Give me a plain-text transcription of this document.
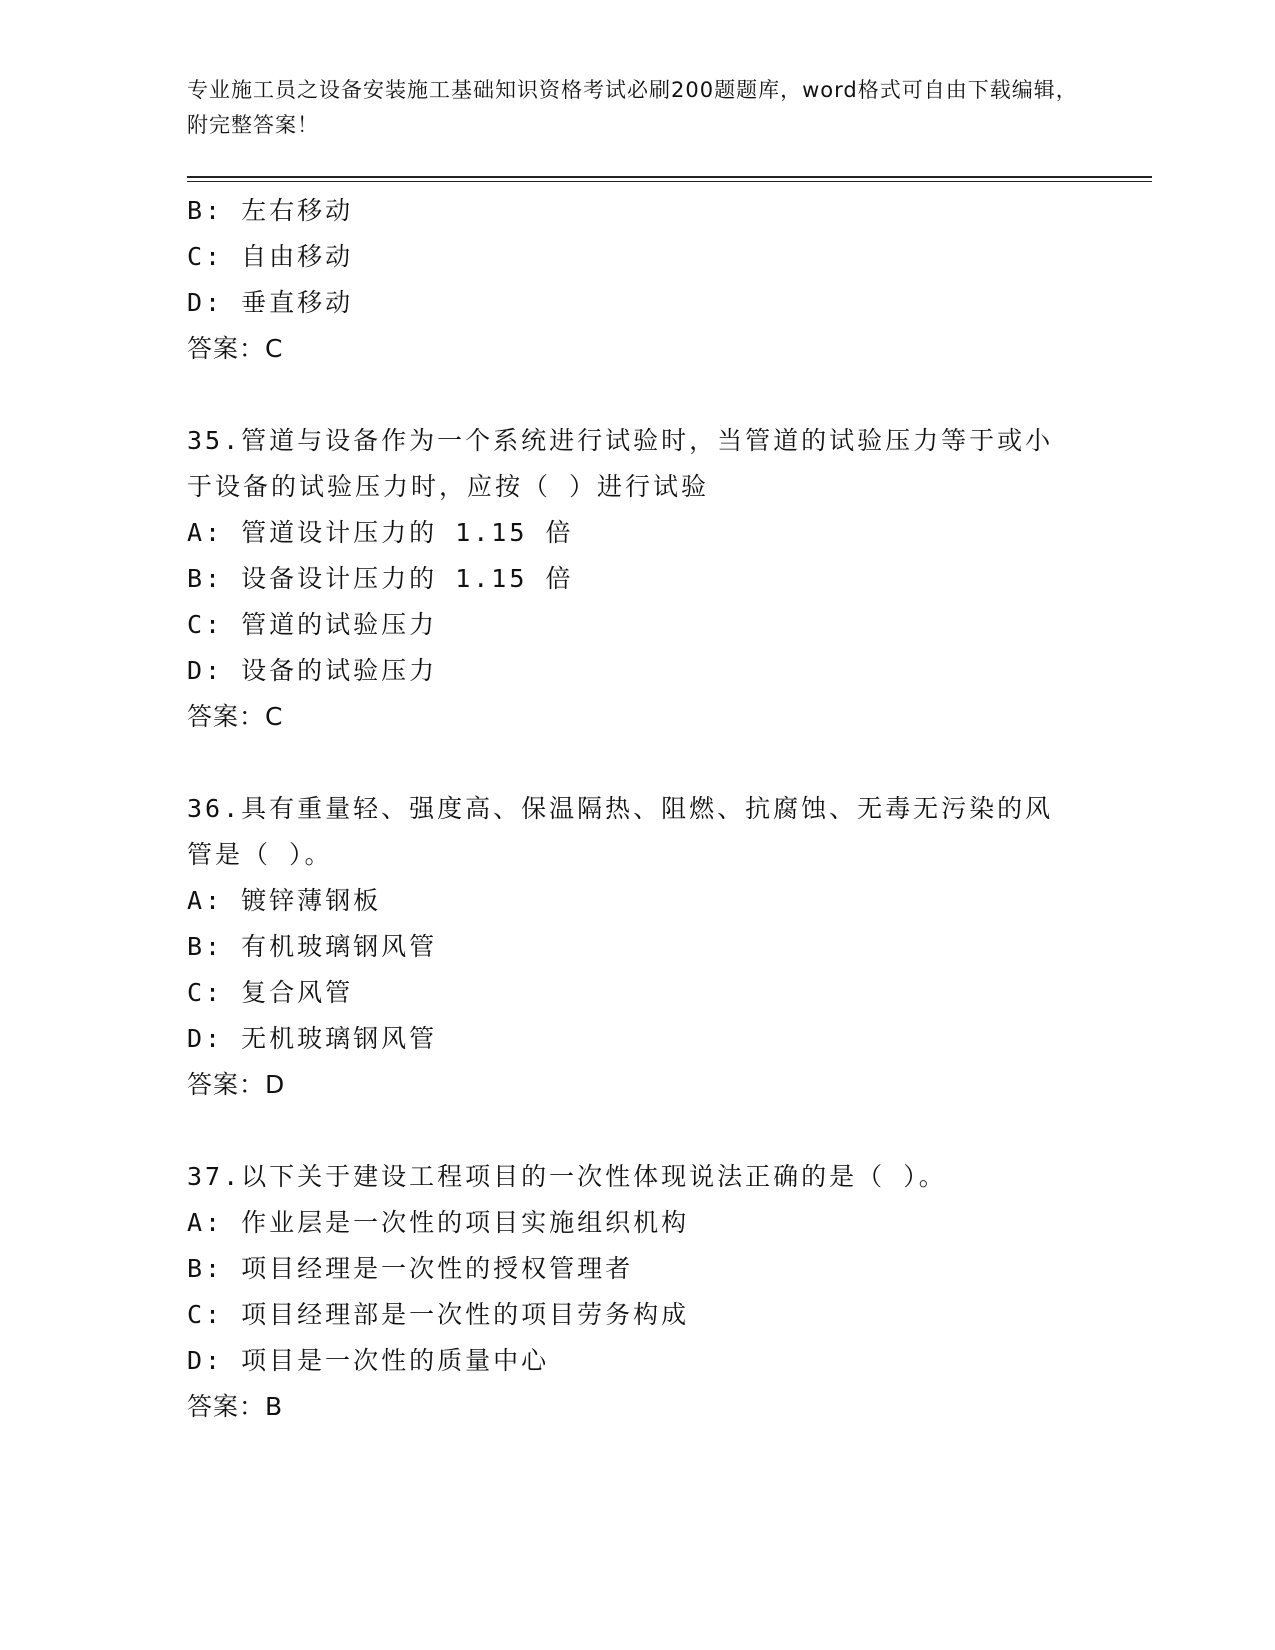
专业施工员之设备安装施工基础知识资格考试必刷200题题库，word格式可自由下载编辑，附完整答案！
B: 左右移动
C: 自由移动
D: 垂直移动
答案：C
35.管道与设备作为一个系统进行试验时，当管道的试验压力等于或小于设备的试验压力时，应按（ ）进行试验
A: 管道设计压力的 1.15 倍
B: 设备设计压力的 1.15 倍
C: 管道的试验压力
D: 设备的试验压力
答案：C
36.具有重量轻、强度高、保温隔热、阻燃、抗腐蚀、无毒无污染的风管是（ ）。
A: 镀锌薄钢板
B: 有机玻璃钢风管
C: 复合风管
D: 无机玻璃钢风管
答案：D
37.以下关于建设工程项目的一次性体现说法正确的是（ ）。
A: 作业层是一次性的项目实施组织机构
B: 项目经理是一次性的授权管理者
C: 项目经理部是一次性的项目劳务构成
D: 项目是一次性的质量中心
答案：B
